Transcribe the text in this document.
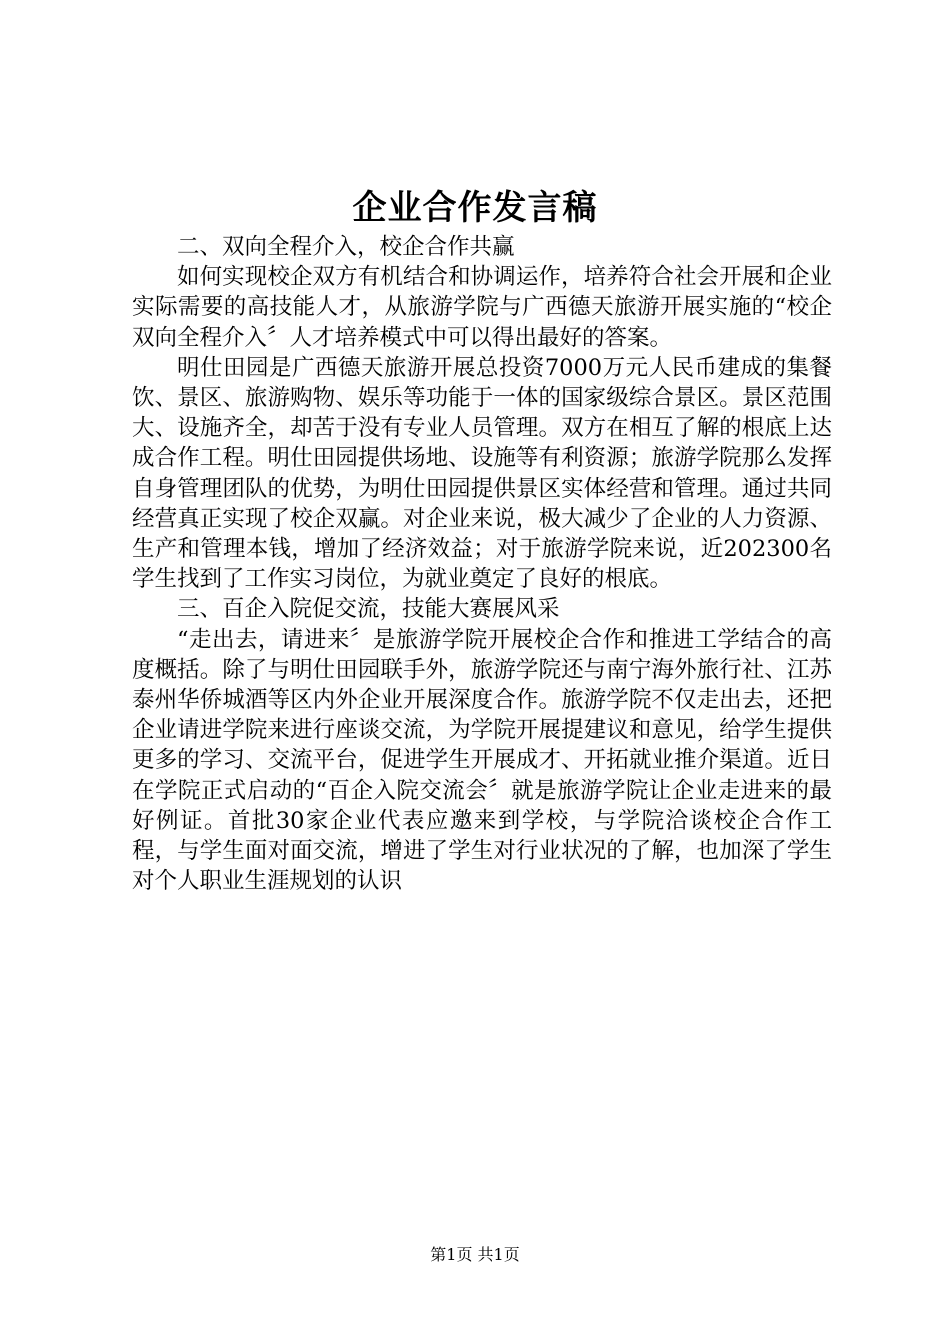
企业合作发言稿

二、双向全程介入，校企合作共赢

如何实现校企双方有机结合和协调运作，培养符合社会开展和企业实际需要的高技能人才，从旅游学院与广西德天旅游开展实施的“校企双向全程介入〞人才培养模式中可以得出最好的答案。

明仕田园是广西德天旅游开展总投资7000万元人民币建成的集餐饮、景区、旅游购物、娱乐等功能于一体的国家级综合景区。景区范围大、设施齐全，却苦于没有专业人员管理。双方在相互了解的根底上达成合作工程。明仕田园提供场地、设施等有利资源；旅游学院那么发挥自身管理团队的优势，为明仕田园提供景区实体经营和管理。通过共同经营真正实现了校企双赢。对企业来说，极大减少了企业的人力资源、生产和管理本钱，增加了经济效益；对于旅游学院来说，近202300名学生找到了工作实习岗位，为就业奠定了良好的根底。

三、百企入院促交流，技能大赛展风采

“走出去，请进来〞是旅游学院开展校企合作和推进工学结合的高度概括。除了与明仕田园联手外，旅游学院还与南宁海外旅行社、江苏泰州华侨城酒等区内外企业开展深度合作。旅游学院不仅走出去，还把企业请进学院来进行座谈交流，为学院开展提建议和意见，给学生提供更多的学习、交流平台，促进学生开展成才、开拓就业推介渠道。近日在学院正式启动的“百企入院交流会〞就是旅游学院让企业走进来的最好例证。首批30家企业代表应邀来到学校，与学院洽谈校企合作工程，与学生面对面交流，增进了学生对行业状况的了解，也加深了学生对个人职业生涯规划的认识

第1页 共1页
